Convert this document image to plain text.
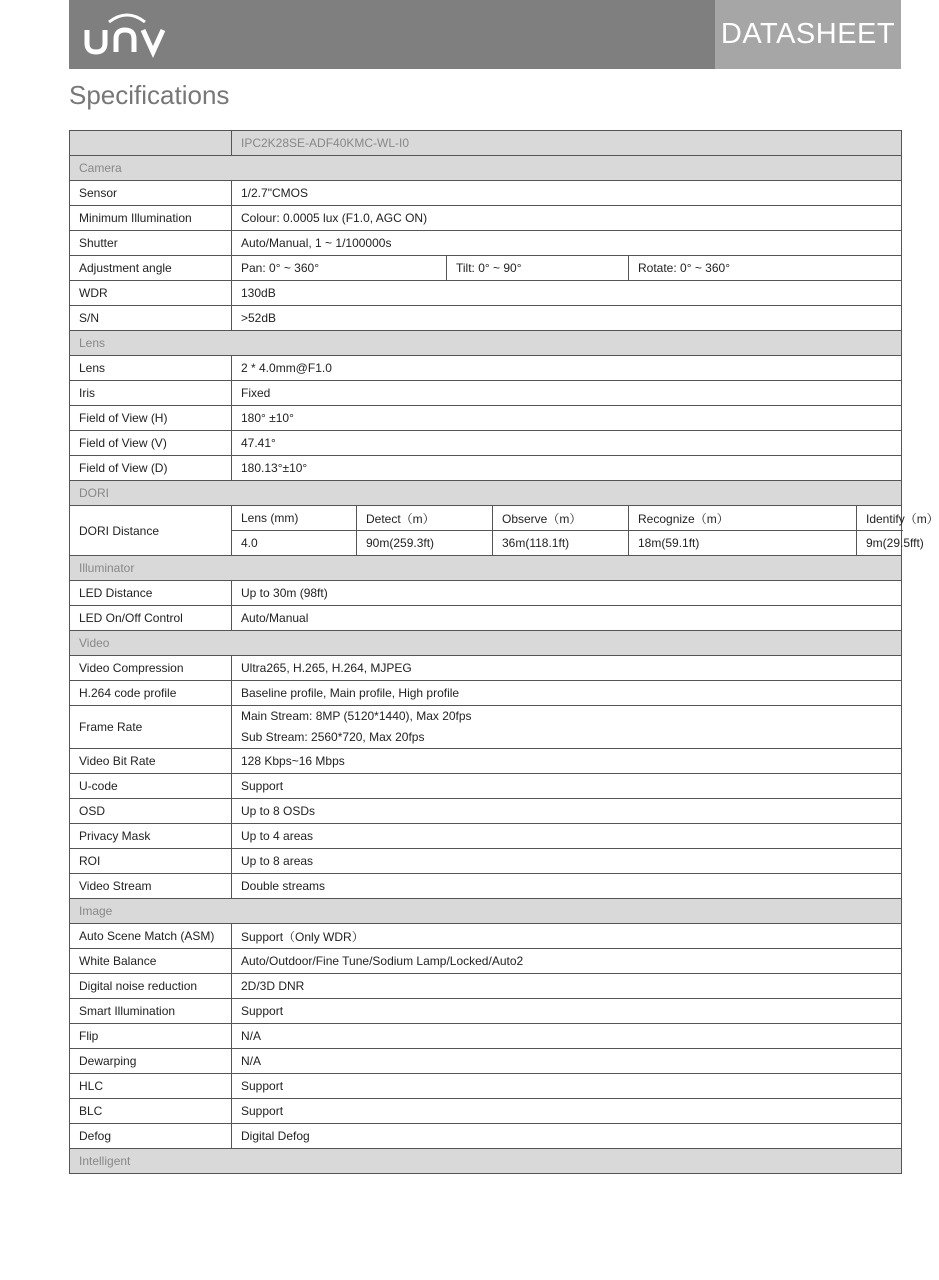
UNV
DATASHEET
Specifications
	IPC2K28SE-ADF40KMC-WL-I0					
Camera						
Sensor	1/2.7"CMOS					
Minimum Illumination	Colour: 0.0005 lux (F1.0, AGC ON)					
Shutter	Auto/Manual, 1 ~ 1/100000s					
Adjustment angle	Pan: 0° ~ 360°		Tilt: 0° ~ 90°		Rotate: 0° ~ 360°	
WDR	130dB					
S/N	>52dB					
Lens						
Lens	2 * 4.0mm@F1.0					
Iris	Fixed					
Field of View (H)	180° ±10°					
Field of View (V)	47.41°					
Field of View (D)	180.13°±10°					
DORI						
DORI Distance	Lens (mm)	Detect（m）		Observe（m）	Recognize（m）	Identify（m）
	4.0	90m(259.3ft)		36m(118.1ft)	18m(59.1ft)	9m(29.5fft)
Illuminator						
LED Distance	Up to 30m (98ft)					
LED On/Off Control	Auto/Manual					
Video						
Video Compression	Ultra265, H.265, H.264, MJPEG					
H.264 code profile	Baseline profile, Main profile, High profile					
Frame Rate	Main Stream: 8MP (5120*1440), Max 20fps
Sub Stream: 2560*720, Max 20fps					

Video Bit Rate	128 Kbps~16 Mbps					
U-code	Support					
OSD	Up to 8 OSDs					
Privacy Mask	Up to 4 areas					
ROI	Up to 8 areas					
Video Stream	Double streams					
Image						
Auto Scene Match (ASM)	Support（Only WDR）					
White Balance	Auto/Outdoor/Fine Tune/Sodium Lamp/Locked/Auto2					
Digital noise reduction	2D/3D DNR					
Smart Illumination	Support					
Flip	N/A					
Dewarping	N/A					
HLC	Support					
BLC	Support					
Defog	Digital Defog					
Intelligent						
